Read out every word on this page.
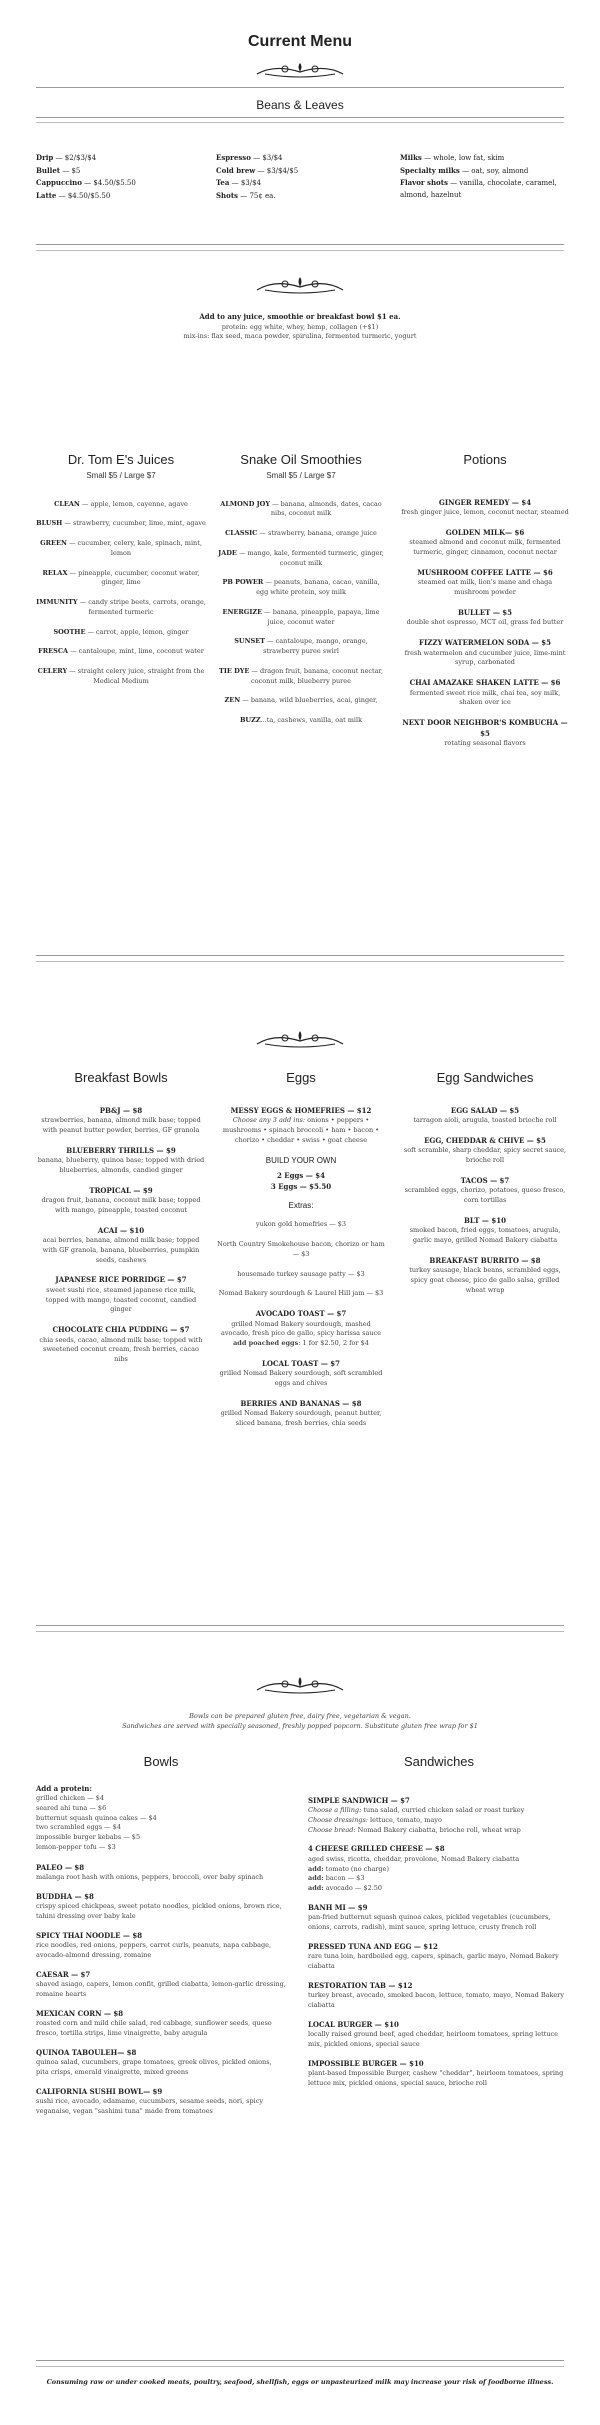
Current Menu
Beans & Leaves
Drip — $2/$3/$4
Bullet — $5
Cappuccino — $4.50/$5.50
Latte — $4.50/$5.50
Espresso — $3/$4
Cold brew — $3/$4/$5
Tea — $3/$4
Shots — 75¢ ea.
Milks — whole, low fat, skim
Specialty milks — oat, soy, almond
Flavor shots — vanilla, chocolate, caramel, almond, hazelnut
Add to any juice, smoothie or breakfast bowl $1 ea.
protein: egg white, whey, hemp, collagen (+$1)
mix-ins: flax seed, maca powder, spirulina, fermented turmeric, yogurt
Dr. Tom E's Juices
Small $5 / Large $7
CLEAN — apple, lemon, cayenne, agave
BLUSH — strawberry, cucumber, lime, mint, agave
GREEN — cucumber, celery, kale, spinach, mint, lemon
RELAX — pineapple, cucumber, coconut water, ginger, lime
IMMUNITY — candy stripe beets, carrots, orange, fermented turmeric
SOOTHE — carrot, apple, lemon, ginger
FRESCA — cantaloupe, mint, lime, coconut water
CELERY — straight celery juice, straight from the Medical Medium
Snake Oil Smoothies
Small $5 / Large $7
ALMOND JOY — banana, almonds, dates, cacao nibs, coconut milk
CLASSIC — strawberry, banana, orange juice
JADE — mango, kale, fermented turmeric, ginger, coconut milk
PB POWER — peanuts, banana, cacao, vanilla, egg white protein, soy milk
ENERGIZE — banana, pineapple, papaya, lime juice, coconut water
SUNSET — cantaloupe, mango, orange, strawberry puree swirl
TIE DYE — dragon fruit, banana, coconut nectar, coconut milk, blueberry puree
ZEN — banana, wild blueberries, acai, ginger,
BUZZ...ta, cashews, vanilla, oat milk
Potions
GINGER REMEDY — $4
fresh ginger juice, lemon, coconut nectar, steamed
GOLDEN MILK— $6
steamed almond and coconut milk, fermented turmeric, ginger, cinnamon, coconut nectar
MUSHROOM COFFEE LATTE — $6
steamed oat milk, lion's mane and chaga mushroom powder
BULLET — $5
double shot espresso, MCT oil, grass fed butter
FIZZY WATERMELON SODA — $5
fresh watermelon and cucumber juice, lime-mint syrup, carbonated
CHAI AMAZAKE SHAKEN LATTE — $6
fermented sweet rice milk, chai tea, soy milk, shaken over ice
NEXT DOOR NEIGHBOR'S KOMBUCHA — $5
rotating seasonal flavors
Breakfast Bowls
PB&J — $8
strawberries, banana, almond milk base; topped with peanut butter powder, berries, GF granola
BLUEBERRY THRILLS — $9
banana, blueberry, quinoa base; topped with dried blueberries, almonds, candied ginger
TROPICAL — $9
dragon fruit, banana, coconut milk base; topped with mango, pineapple, toasted coconut
ACAI — $10
acai berries, banana, almond milk base; topped with GF granola, banana, blueberries, pumpkin seeds, cashews
JAPANESE RICE PORRIDGE — $7
sweet sushi rice, steamed japanese rice milk, topped with mango, toasted coconut, candied ginger
CHOCOLATE CHIA PUDDING — $7
chia seeds, cacao, almond milk base; topped with sweetened coconut cream, fresh berries, cacao nibs
Eggs
MESSY EGGS & HOMEFRIES — $12
Choose any 3 add ins: onions • peppers • mushrooms • spinach broccoli • ham • bacon • chorizo • cheddar • swiss • goat cheese
BUILD YOUR OWN
2 Eggs — $4
3 Eggs — $5.50
Extras:
yukon gold homefries — $3
North Country Smokehouse bacon, chorizo or ham — $3
housemade turkey sausage patty — $3
Nomad Bakery sourdough & Laurel Hill jam — $3
AVOCADO TOAST — $7
grilled Nomad Bakery sourdough, mashed avocado, fresh pico de gallo, spicy harissa sauce
add poached eggs: 1 for $2.50, 2 for $4
LOCAL TOAST — $7
grilled Nomad Bakery sourdough, soft scrambled eggs and chives
BERRIES AND BANANAS — $8
grilled Nomad Bakery sourdough, peanut butter, sliced banana, fresh berries, chia seeds
Egg Sandwiches
EGG SALAD — $5
tarragon aioli, arugula, toasted brioche roll
EGG, CHEDDAR & CHIVE — $5
soft scramble, sharp cheddar, spicy secret sauce, brioche roll
TACOS — $7
scrambled eggs, chorizo, potatoes, queso fresco, corn tortillas
BLT — $10
smoked bacon, fried eggs, tomatoes, arugula, garlic mayo, grilled Nomad Bakery ciabatta
BREAKFAST BURRITO — $8
turkey sausage, black beans, scrambled eggs, spicy goat cheese, pico de gallo salsa, grilled wheat wrap
Bowls can be prepared gluten free, dairy free, vegetarian & vegan.
Sandwiches are served with specially seasoned, freshly popped popcorn. Substitute gluten free wrap for $1
Bowls
Add a protein:
grilled chicken — $4
seared ahi tuna — $6
butternut squash quinoa cakes — $4
two scrambled eggs — $4
impossible burger kebabs — $5
lemon-pepper tofu — $3
PALEO — $8
malanga root hash with onions, peppers, broccoli, over baby spinach
BUDDHA — $8
crispy spiced chickpeas, sweet potato noodles, pickled onions, brown rice, tahini dressing over baby kale
SPICY THAI NOODLE — $8
rice noodles, red onions, peppers, carrot curls, peanuts, napa cabbage, avocado-almond dressing, romaine
CAESAR — $7
shaved asiago, capers, lemon confit, grilled ciabatta, lemon-garlic dressing, romaine hearts
MEXICAN CORN — $8
roasted corn and mild chile salad, red cabbage, sunflower seeds, queso fresco, tortilla strips, lime vinaigrette, baby arugula
QUINOA TABOULEH— $8
quinoa salad, cucumbers, grape tomatoes, greek olives, pickled onions, pita crisps, emerald vinaigrette, mixed greens
CALIFORNIA SUSHI BOWL— $9
sushi rice, avocado, edamame, cucumbers, sesame seeds, nori, spicy veganaise, vegan "sashimi tuna" made from tomatoes
Sandwiches
SIMPLE SANDWICH — $7
Choose a filling: tuna salad, curried chicken salad or roast turkey
Choose dressings: lettuce, tomato, mayo
Choose bread: Nomad Bakery ciabatta, brioche roll, wheat wrap
4 CHEESE GRILLED CHEESE — $8
aged swiss, ricotta, cheddar, provolone, Nomad Bakery ciabatta
add: tomato (no charge)
add: bacon — $3
add: avocado — $2.50
BANH MI — $9
pan-fried butternut squash quinoa cakes, pickled vegetables (cucumbers, onions, carrots, radish), mint sauce, spring lettuce, crusty french roll
PRESSED TUNA AND EGG — $12
rare tuna loin, hardboiled egg, capers, spinach, garlic mayo, Nomad Bakery ciabatta
RESTORATION TAB — $12
turkey breast, avocado, smoked bacon, lettuce, tomato, mayo, Nomad Bakery ciabatta
LOCAL BURGER — $10
locally raised ground beef, aged cheddar, heirloom tomatoes, spring lettuce mix, pickled onions, special sauce
IMPOSSIBLE BURGER — $10
plant-based Impossible Burger, cashew "cheddar", heirloom tomatoes, spring lettuce mix, pickled onions, special sauce, brioche roll
Consuming raw or under cooked meats, poultry, seafood, shellfish, eggs or unpasteurized milk may increase your risk of foodborne illness.
